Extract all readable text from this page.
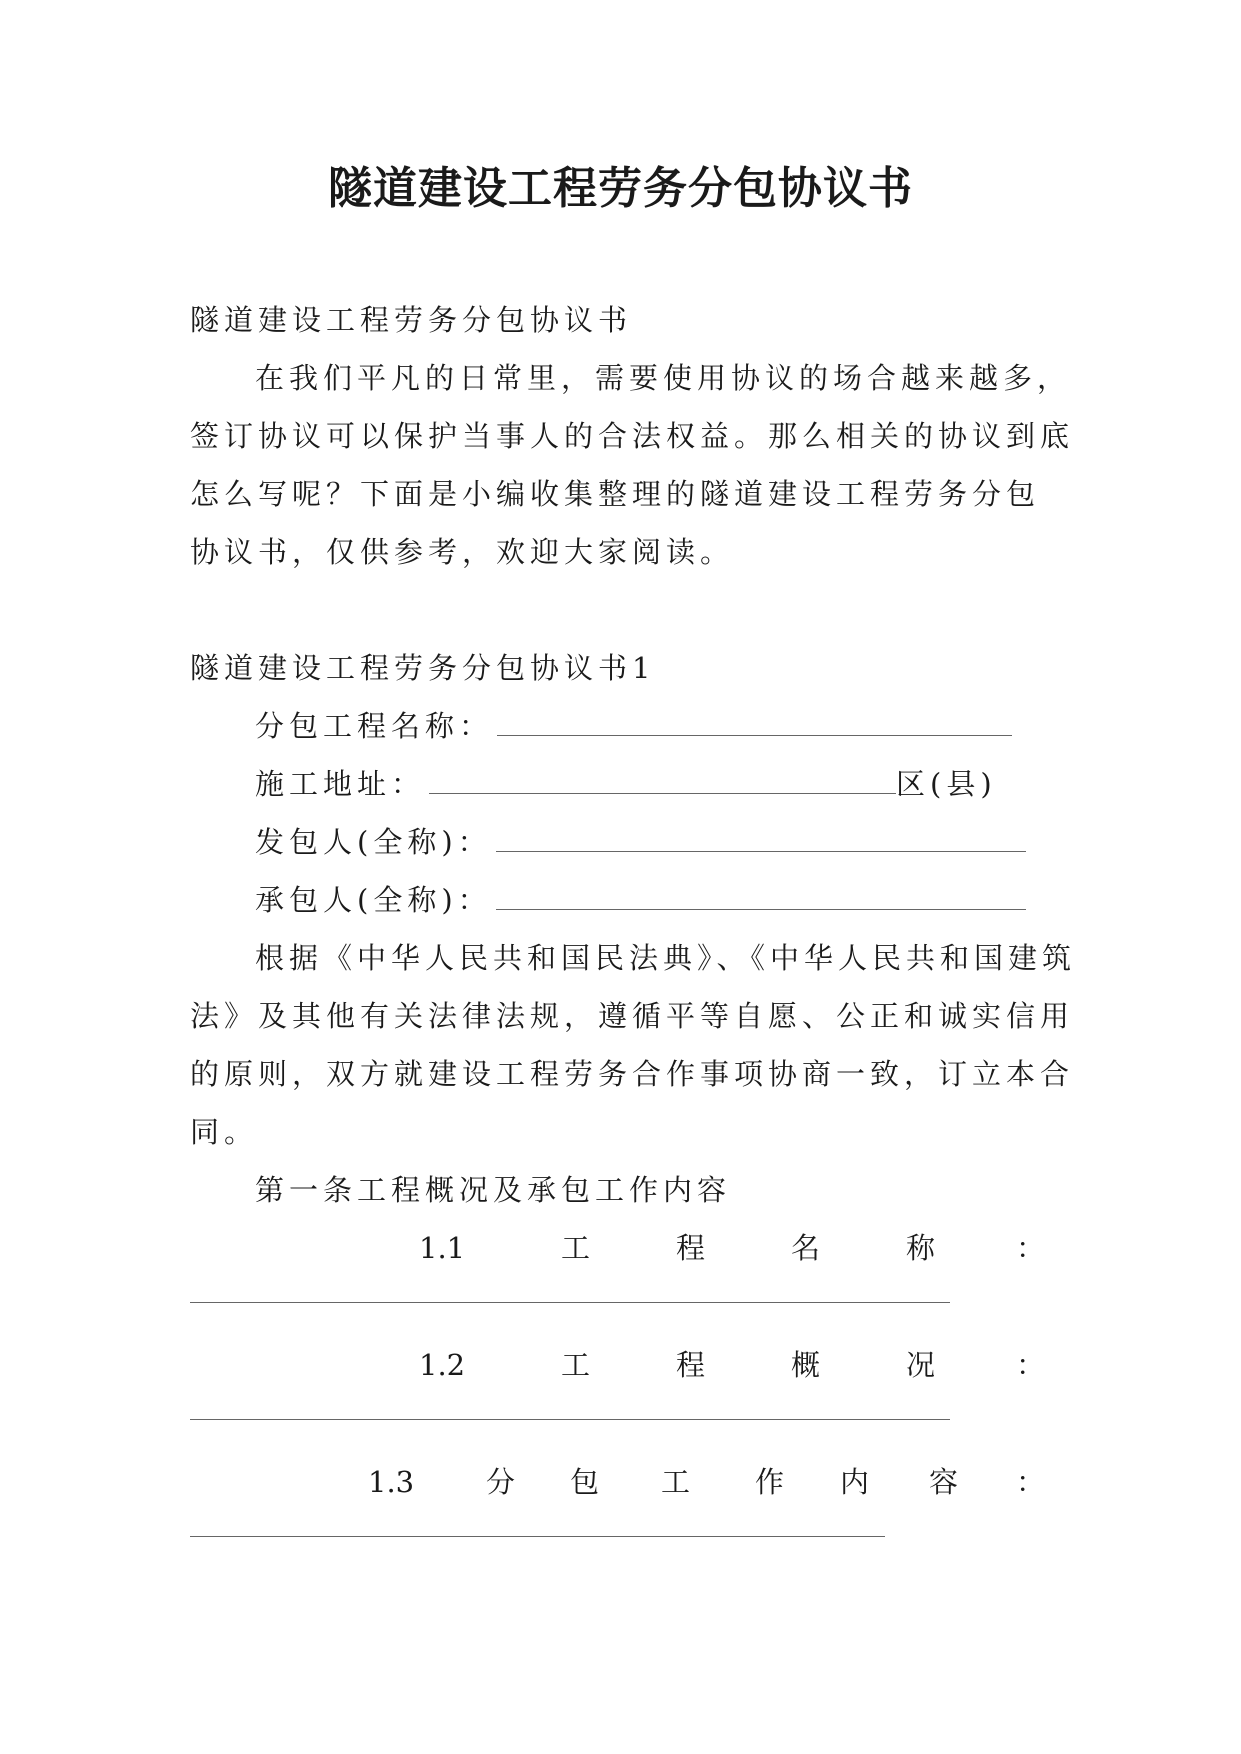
隧道建设工程劳务分包协议书
隧道建设工程劳务分包协议书
在我们平凡的日常里，需要使用协议的场合越来越多，
签订协议可以保护当事人的合法权益。那么相关的协议到底
怎么写呢？下面是小编收集整理的隧道建设工程劳务分包
协议书，仅供参考，欢迎大家阅读。
隧道建设工程劳务分包协议书1
分包工程名称：
施工地址：	区(县)
发包人(全称)：
承包人(全称)：
根据《中华人民共和国民法典》、《中华人民共和国建筑
法》及其他有关法律法规，遵循平等自愿、公正和诚实信用
的原则，双方就建设工程劳务合作事项协商一致，订立本合
同。
第一条工程概况及承包工作内容
1.1	工	程	名	称	：
1.2	工	程	概	况	：
1.3 分 包 工 作 内 容 ：
